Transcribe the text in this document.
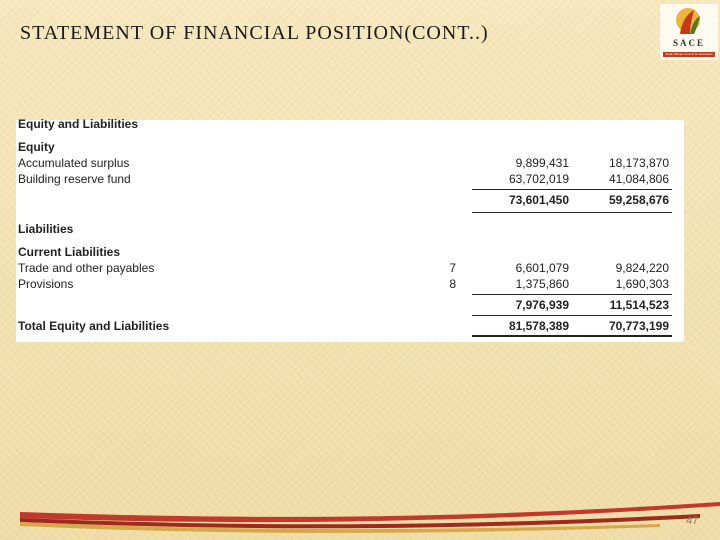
STATEMENT OF FINANCIAL POSITION(CONT..)	SACE
South African Council for Educators
Equity and Liabilities
Equity
Accumulated surplus	9,899,431	18,173,870
Building reserve fund	63,702,019	41,084,806
73,601,450	59,258,676
Liabilities
Current Liabilities
Trade and other payables	7	6,601,079	9,824,220
Provisions	8	1,375,860	1,690,303
7,976,939	11,514,523
Total Equity and Liabilities	81,578,389	70,773,199
47
